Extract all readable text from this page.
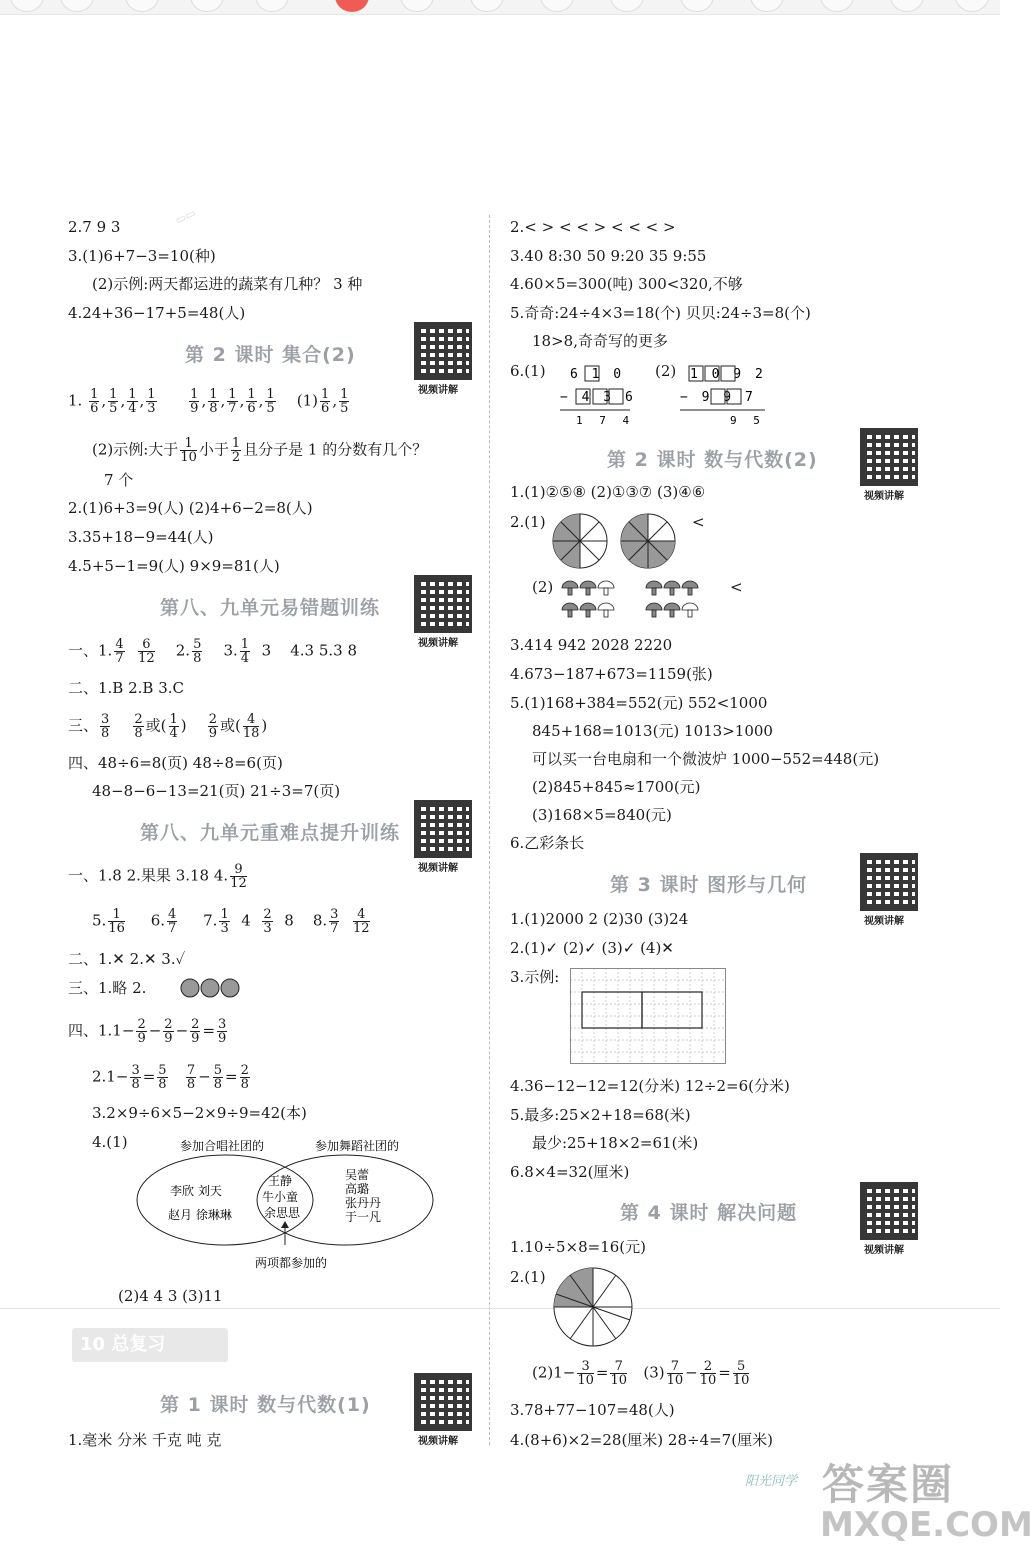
2.7 9 3
▭▭
3.(1)6+7−3=10(种)
(2)示例:两天都运进的蔬菜有几种？ 3 种
4.24+36−17+5=48(人)
第 2 课时 集合(2)
视频讲解
1. $\frac{1}{6}$ , $\frac{1}{5}$ , $\frac{1}{4}$ , $\frac{1}{3}$
	$\frac{1}{9}$ , $\frac{1}{8}$ , $\frac{1}{7}$ , $\frac{1}{6}$ , $\frac{1}{5} (1) \frac{1}{6}$ , $\frac{1}{5}$
(2)示例:大于 $\frac{1}{10}$ 小于 $\frac{1}{2}$ 且分子是 1 的分数有几个？
7 个
2.(1)6+3=9(人) (2)4+6−2=8(人)
3.35+18−9=44(人)
4.5+5−1=9(人) 9×9=81(人)
第八、九单元易错题训练
视频讲解
一、1. $\frac{4}{7}$
$\frac{6}{12} 2$. $\frac{5}{8} 3$. $\frac{1}{4} 3$ 4.3 5.3 8
二、1.B 2.B 3.C
三、 $\frac{3}{8}$
$\frac{2}{8}$ 或( $\frac{1}{4}$ ) $\frac{2}{9}$ 或( $\frac{4}{18}$ )
四、48÷6=8(页) 48÷8=6(页)
48−8−6−13=21(页) 21÷3=7(页)
第八、九单元重难点提升训练
视频讲解
一、1.8 2.果果 3.18 4. $\frac{9}{12}$
5. $\frac{1}{16} 6$. $\frac{4}{7} 7$. $\frac{1}{3} 4 \frac{2}{3} 8$ 8. $\frac{3}{7}$
$\frac{4}{12}$
二、1.✕ 2.✕ 3.✓
三、1.略 2.
四、$1.1- \frac{2}{9} - \frac{2}{9} - \frac{2}{9} = \frac{3}{9}$
$2.1- \frac{3}{8} = \frac{5}{8}$
$\frac{7}{8} - \frac{5}{8} = \frac{2}{8}$
3.2×9÷6×5−2×9÷9=42(本)
4.(1)	参加合唱社团的	参加舞蹈社团的
李欣 刘天
赵月 徐琳琳
王静
牛小童
余思思
吴蕾
高璐
张丹丹
于一凡
两项都参加的
(2)4 4 3 (3)11
10 总复习
第 1 课时 数与代数(1)
视频讲解
1.毫米 分米 千克 吨 克
2.< > < < > < < < >
3.40 8:30 50 9:20 35 9:55
4.60×5=300(吨) 300<320,不够
5.奇奇:24÷4×3=18(个) 贝贝:24÷3=8(个)
18>8,奇奇写的更多
6.(1)	(2)
6 1 0
− 4 3 6
1 7 4
1 0 9 2
− 9 9 7
9 5
第 2 课时 数与代数(2)
视频讲解
1.(1)②⑤⑧ (2)①③⑦ (3)④⑥
2.(1)	<
(2)	<
3.414 942 2028 2220
4.673−187+673=1159(张)
5.(1)168+384=552(元) 552<1000
845+168=1013(元) 1013>1000
可以买一台电扇和一个微波炉 1000−552=448(元)
(2)845+845≈1700(元)
(3)168×5=840(元)
6.乙彩条长
第 3 课时 图形与几何
视频讲解
1.(1)2000 2 (2)30 (3)24
2.(1)✓ (2)✓ (3)✓ (4)✕
3.示例:
4.36−12−12=12(分米) 12÷2=6(分米)
5.最多:25×2+18=68(米)
最少:25+18×2=61(米)
6.8×4=32(厘米)
第 4 课时 解决问题
视频讲解
1.10÷5×8=16(元)
2.(1)
$(2)1- \frac{3}{10} = \frac{7}{10} (3) \frac{7}{10} - \frac{2}{10} = \frac{5}{10}$
3.78+77−107=48(人)
4.(8+6)×2=28(厘米) 28÷4=7(厘米)
阳光同学 答案圈
MXQE.COM
